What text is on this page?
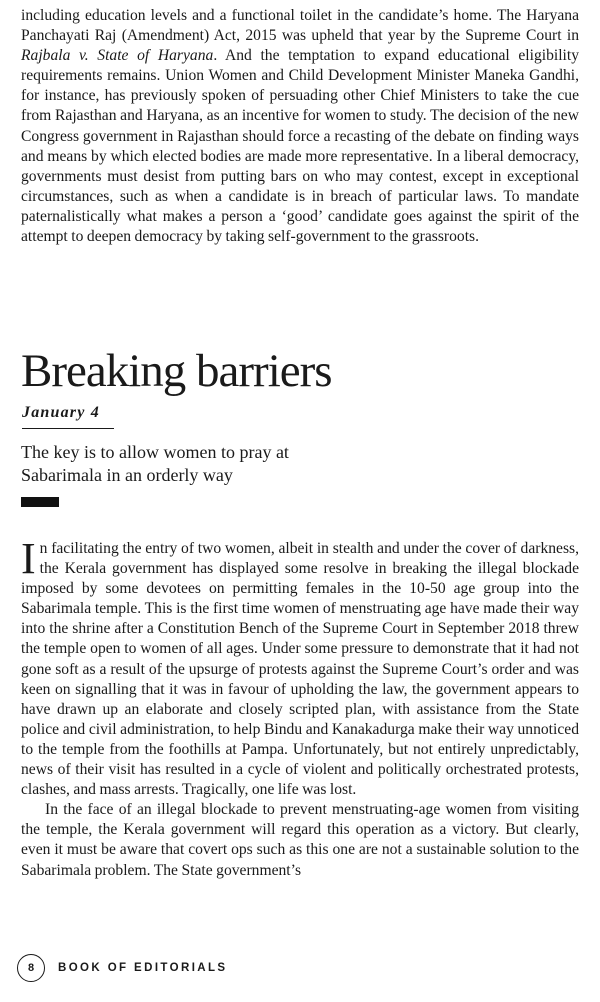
including education levels and a functional toilet in the candidate’s home. The Haryana Panchayati Raj (Amendment) Act, 2015 was upheld that year by the Supreme Court in Rajbala v. State of Haryana. And the temptation to expand educational eligibility requirements remains. Union Women and Child Development Minister Maneka Gandhi, for instance, has previously spoken of persuading other Chief Ministers to take the cue from Rajasthan and Haryana, as an incentive for women to study. The decision of the new Congress government in Rajasthan should force a recasting of the debate on finding ways and means by which elected bodies are made more representative. In a liberal democracy, governments must desist from putting bars on who may contest, except in exceptional circumstances, such as when a candidate is in breach of particular laws. To mandate paternalistically what makes a person a ‘good’ candidate goes against the spirit of the attempt to deepen democracy by taking self-government to the grassroots.

Breaking barriers
January 4
The key is to allow women to pray at
Sabarimala in an orderly way

In facilitating the entry of two women, albeit in stealth and under the cover of darkness, the Kerala government has displayed some resolve in breaking the illegal blockade imposed by some devotees on permitting females in the 10-50 age group into the Sabarimala temple. This is the first time women of menstruating age have made their way into the shrine after a Constitution Bench of the Supreme Court in September 2018 threw the temple open to women of all ages. Under some pressure to demonstrate that it had not gone soft as a result of the upsurge of protests against the Supreme Court’s order and was keen on signalling that it was in favour of upholding the law, the government appears to have drawn up an elaborate and closely scripted plan, with assistance from the State police and civil administration, to help Bindu and Kanakadurga make their way unnoticed to the temple from the foothills at Pampa. Unfortunately, but not entirely unpredictably, news of their visit has resulted in a cycle of violent and politically orchestrated protests, clashes, and mass arrests. Tragically, one life was lost.

In the face of an illegal blockade to prevent menstruating-age women from visiting the temple, the Kerala government will regard this operation as a victory. But clearly, even it must be aware that covert ops such as this one are not a sustainable solution to the Sabarimala problem. The State government’s

8	BOOK OF EDITORIALS
